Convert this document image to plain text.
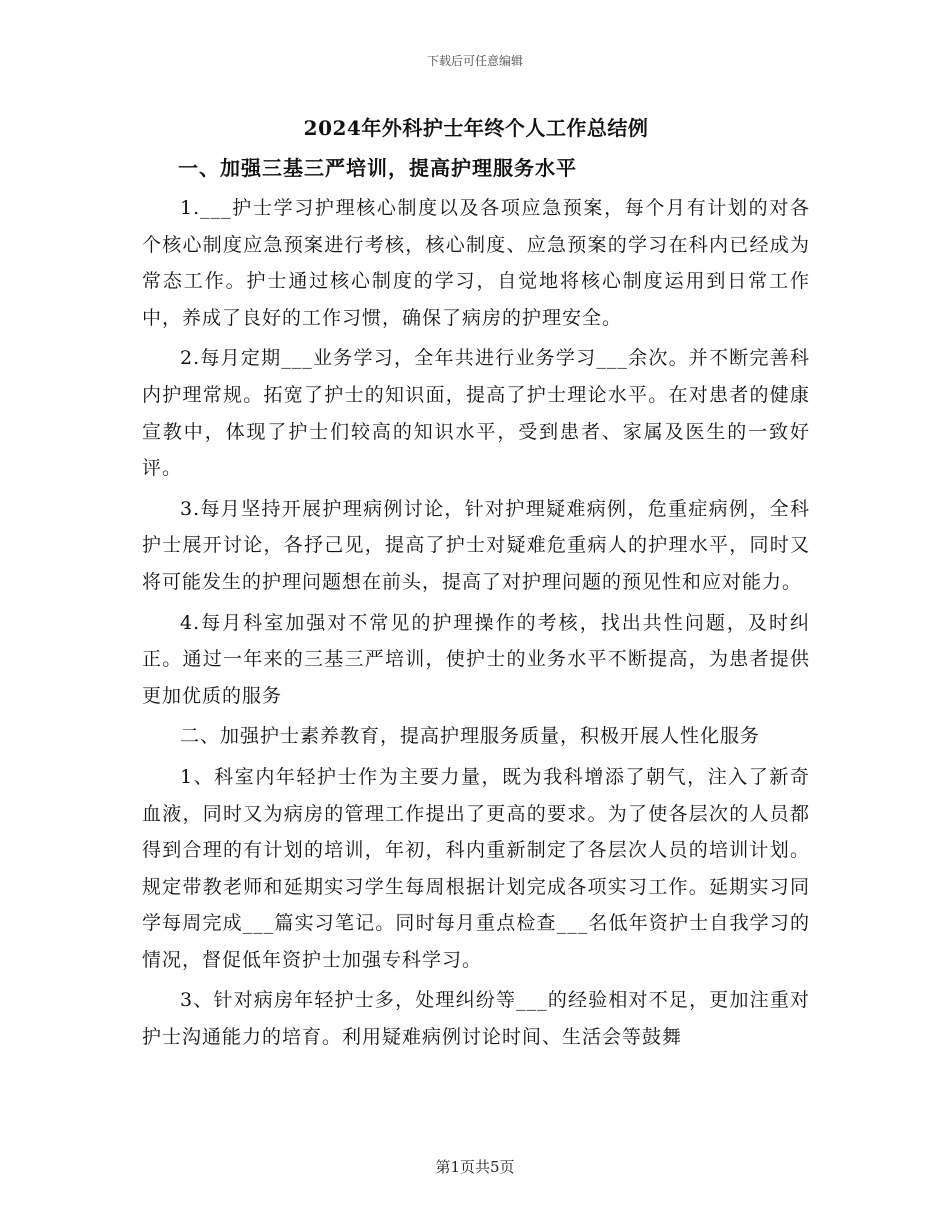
下载后可任意编辑
2024年外科护士年终个人工作总结例
一、加强三基三严培训，提高护理服务水平

1.___护士学习护理核心制度以及各项应急预案，每个月有计划的对各个核心制度应急预案进行考核，核心制度、应急预案的学习在科内已经成为常态工作。护士通过核心制度的学习，自觉地将核心制度运用到日常工作中，养成了良好的工作习惯，确保了病房的护理安全。

2.每月定期___业务学习，全年共进行业务学习___余次。并不断完善科内护理常规。拓宽了护士的知识面，提高了护士理论水平。在对患者的健康宣教中，体现了护士们较高的知识水平，受到患者、家属及医生的一致好评。

3.每月坚持开展护理病例讨论，针对护理疑难病例，危重症病例，全科护士展开讨论，各抒己见，提高了护士对疑难危重病人的护理水平，同时又将可能发生的护理问题想在前头，提高了对护理问题的预见性和应对能力。

4.每月科室加强对不常见的护理操作的考核，找出共性问题，及时纠正。通过一年来的三基三严培训，使护士的业务水平不断提高，为患者提供更加优质的服务

二、加强护士素养教育，提高护理服务质量，积极开展人性化服务

1、科室内年轻护士作为主要力量，既为我科增添了朝气，注入了新奇血液，同时又为病房的管理工作提出了更高的要求。为了使各层次的人员都得到合理的有计划的培训，年初，科内重新制定了各层次人员的培训计划。规定带教老师和延期实习学生每周根据计划完成各项实习工作。延期实习同学每周完成___篇实习笔记。同时每月重点检查___名低年资护士自我学习的情况，督促低年资护士加强专科学习。

3、针对病房年轻护士多，处理纠纷等___的经验相对不足，更加注重对护士沟通能力的培育。利用疑难病例讨论时间、生活会等鼓舞

第1页共5页
